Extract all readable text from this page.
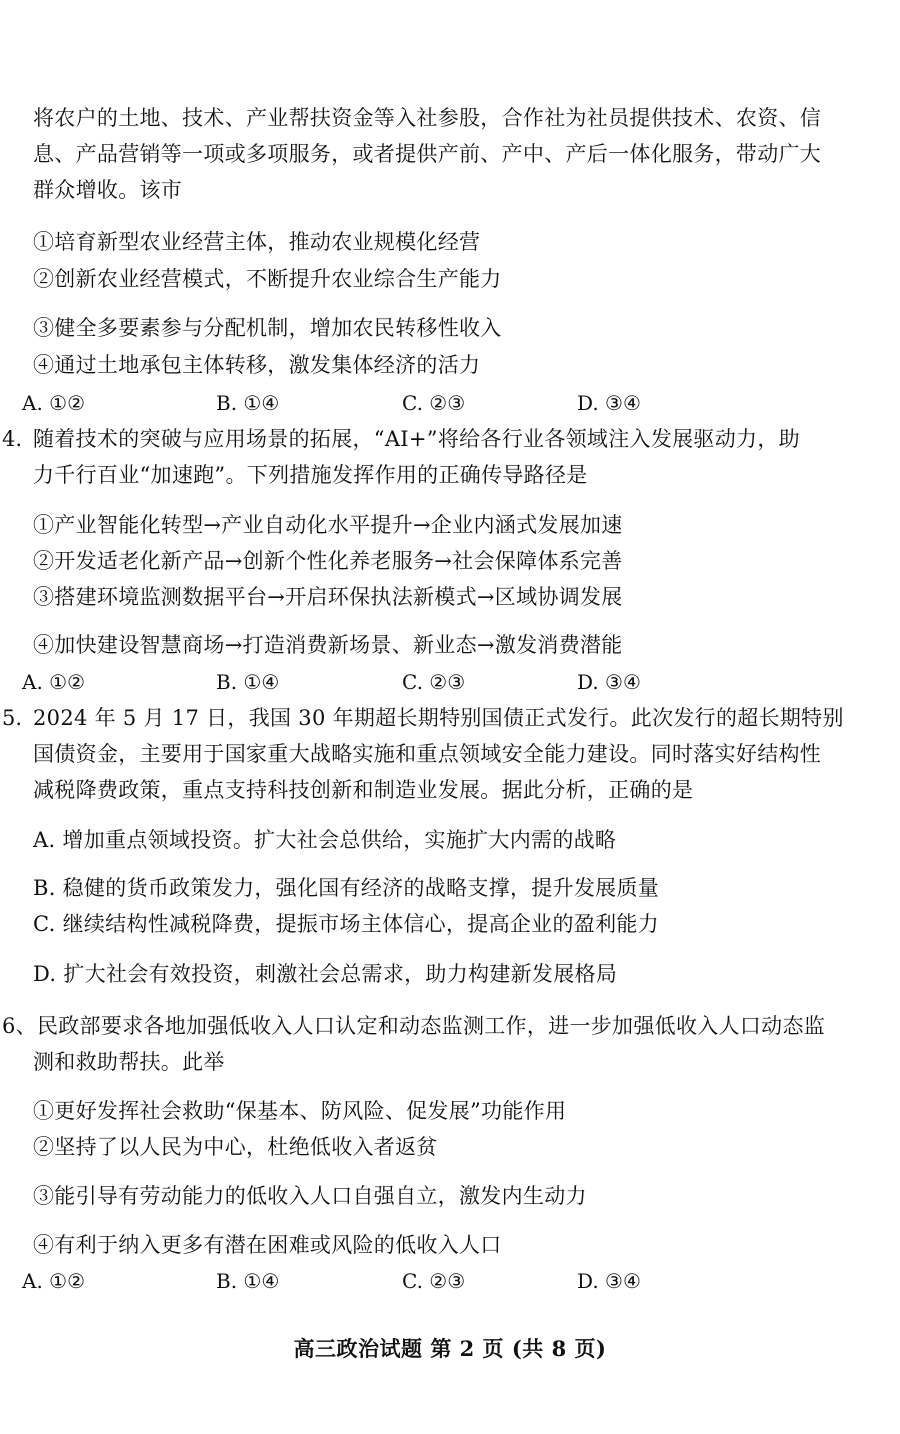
将农户的土地、技术、产业帮扶资金等入社参股，合作社为社员提供技术、农资、信
息、产品营销等一项或多项服务，或者提供产前、产中、产后一体化服务，带动广大
群众增收。该市
①培育新型农业经营主体，推动农业规模化经营
②创新农业经营模式，不断提升农业综合生产能力
③健全多要素参与分配机制，增加农民转移性收入
④通过土地承包主体转移，激发集体经济的活力
A. ①②	B. ①④	C. ②③	D. ③④
4. 随着技术的突破与应用场景的拓展，“AI+”将给各行业各领域注入发展驱动力，助
力千行百业“加速跑”。下列措施发挥作用的正确传导路径是
①产业智能化转型→产业自动化水平提升→企业内涵式发展加速
②开发适老化新产品→创新个性化养老服务→社会保障体系完善
③搭建环境监测数据平台→开启环保执法新模式→区域协调发展
④加快建设智慧商场→打造消费新场景、新业态→激发消费潜能
A. ①②	B. ①④	C. ②③	D. ③④
5. 2024 年 5 月 17 日，我国 30 年期超长期特别国债正式发行。此次发行的超长期特别
国债资金，主要用于国家重大战略实施和重点领域安全能力建设。同时落实好结构性
减税降费政策，重点支持科技创新和制造业发展。据此分析，正确的是
A. 增加重点领域投资。扩大社会总供给，实施扩大内需的战略
B. 稳健的货币政策发力，强化国有经济的战略支撑，提升发展质量
C. 继续结构性减税降费，提振市场主体信心，提高企业的盈利能力
D. 扩大社会有效投资，刺激社会总需求，助力构建新发展格局
6、民政部要求各地加强低收入人口认定和动态监测工作，进一步加强低收入人口动态监
测和救助帮扶。此举
①更好发挥社会救助“保基本、防风险、促发展”功能作用
②坚持了以人民为中心，杜绝低收入者返贫
③能引导有劳动能力的低收入人口自强自立，激发内生动力
④有利于纳入更多有潜在困难或风险的低收入人口
A. ①②	B. ①④	C. ②③	D. ③④
高三政治试题 第 2 页 (共 8 页)
